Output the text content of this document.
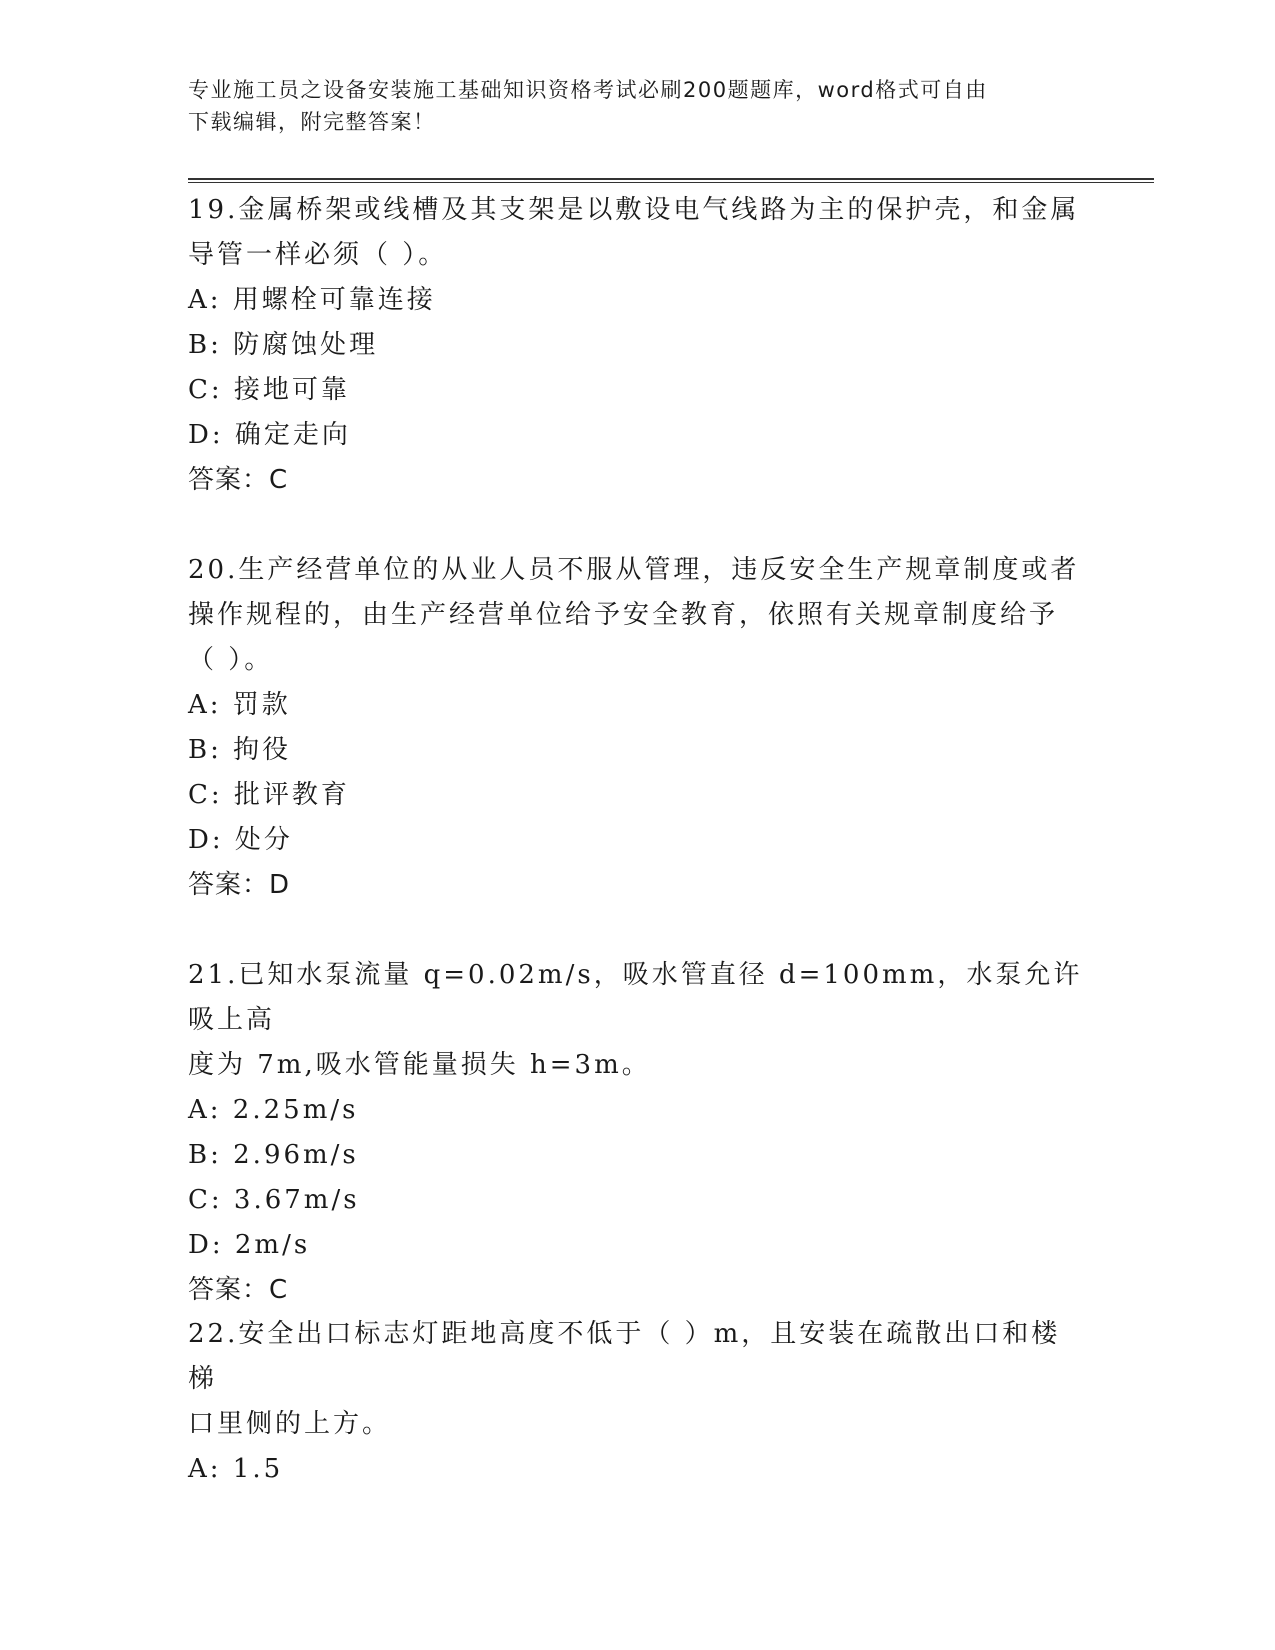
专业施工员之设备安装施工基础知识资格考试必刷200题题库，word格式可自由
下载编辑，附完整答案！
19.金属桥架或线槽及其支架是以敷设电气线路为主的保护壳，和金属
导管一样必须（ ）。
A: 用螺栓可靠连接
B: 防腐蚀处理
C: 接地可靠
D: 确定走向
答案：C
20.生产经营单位的从业人员不服从管理，违反安全生产规章制度或者
操作规程的，由生产经营单位给予安全教育，依照有关规章制度给予
（ ）。
A: 罚款
B: 拘役
C: 批评教育
D: 处分
答案：D
21.已知水泵流量 q=0.02m/s，吸水管直径 d=100mm，水泵允许吸上高
度为 7m,吸水管能量损失 h=3m。
A: 2.25m/s
B: 2.96m/s
C: 3.67m/s
D: 2m/s
答案：C
22.安全出口标志灯距地高度不低于（ ）m，且安装在疏散出口和楼梯
口里侧的上方。
A: 1.5
